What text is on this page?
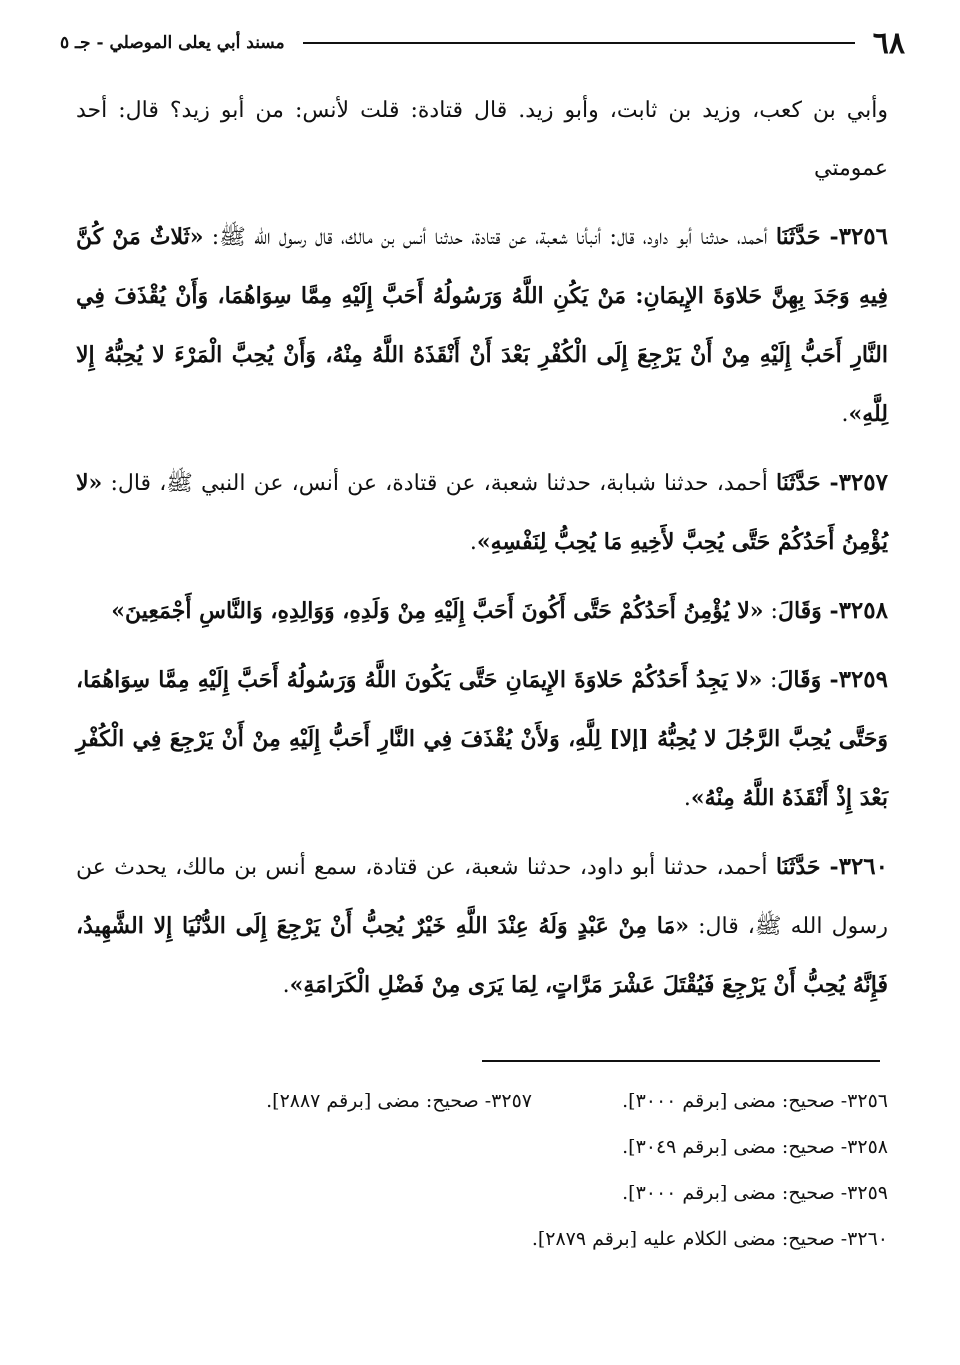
٦٨
مسند أبي يعلى الموصلي - جـ ٥

وأبي بن كعب، وزيد بن ثابت، وأبو زيد. قال قتادة: قلت لأنس: من أبو زيد؟ قال: أحد عمومتي

٣٢٥٦- حَدَّثَنَا أحمد، حدثنا أبو داود، قال: أنبأنا شعبة، عن قتادة، حدثنا أنس بن مالك، قال رسول الله ﷺ: «ثَلاثٌ مَنْ كُنَّ فِيهِ وَجَدَ بِهِنَّ حَلاوَةَ الإِيمَانِ: مَنْ يَكُنِ اللَّهُ وَرَسُولُهُ أَحَبَّ إِلَيْهِ مِمَّا سِوَاهُمَا، وَأَنْ يُقْذَفَ فِي النَّارِ أَحَبُّ إِلَيْهِ مِنْ أَنْ يَرْجِعَ إِلَى الْكُفْرِ بَعْدَ أَنْ أَنْقَذَهُ اللَّهُ مِنْهُ، وَأَنْ يُحِبَّ الْمَرْءَ لا يُحِبُّهُ إِلا لِلَّهِ».

٣٢٥٧- حَدَّثَنَا أحمد، حدثنا شبابة، حدثنا شعبة، عن قتادة، عن أنس، عن النبي ﷺ، قال: «لا يُؤْمِنُ أَحَدُكُمْ حَتَّى يُحِبَّ لأَخِيهِ مَا يُحِبُّ لِنَفْسِهِ».

٣٢٥٨- وَقَالَ: «لا يُؤْمِنُ أَحَدُكُمْ حَتَّى أَكُونَ أَحَبَّ إِلَيْهِ مِنْ وَلَدِهِ، وَوَالِدِهِ، وَالنَّاسِ أَجْمَعِينَ»

٣٢٥٩- وَقَالَ: «لا يَجِدُ أَحَدُكُمْ حَلاوَةَ الإِيمَانِ حَتَّى يَكُونَ اللَّهُ وَرَسُولُهُ أَحَبَّ إِلَيْهِ مِمَّا سِوَاهُمَا، وَحَتَّى يُحِبَّ الرَّجُلَ لا يُحِبُّهُ [إلا] لِلَّهِ، وَلأَنْ يُقْذَفَ فِي النَّارِ أَحَبُّ إِلَيْهِ مِنْ أَنْ يَرْجِعَ فِي الْكُفْرِ بَعْدَ إِذْ أَنْقَذَهُ اللَّهُ مِنْهُ».

٣٢٦٠- حَدَّثَنَا أحمد، حدثنا أبو داود، حدثنا شعبة، عن قتادة، سمع أنس بن مالك، يحدث عن رسول الله ﷺ، قال: «مَا مِنْ عَبْدٍ وَلَهُ عِنْدَ اللَّهِ خَيْرٌ يُحِبُّ أَنْ يَرْجِعَ إِلَى الدُّنْيَا إِلا الشَّهِيدُ، فَإِنَّهُ يُحِبُّ أَنْ يَرْجِعَ فَيُقْتَلَ عَشْرَ مَرَّاتٍ، لِمَا يَرَى مِنْ فَضْلِ الْكَرَامَةِ».

٣٢٥٦- صحيح: مضى [برقم ٣٠٠٠].
٣٢٥٧- صحيح: مضى [برقم ٢٨٨٧].
٣٢٥٨- صحيح: مضى [برقم ٣٠٤٩].
٣٢٥٩- صحيح: مضى [برقم ٣٠٠٠].
٣٢٦٠- صحيح: مضى الكلام عليه [برقم ٢٨٧٩].
